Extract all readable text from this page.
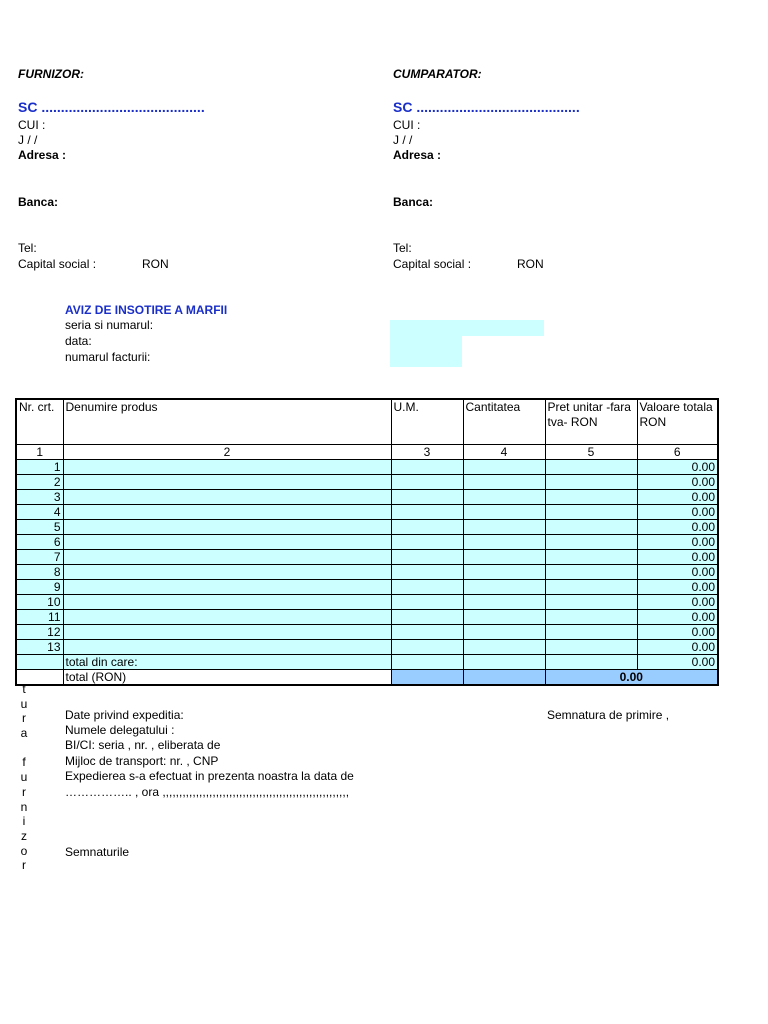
FURNIZOR:
SC ..........................................
CUI :
J / /
Adresa :
Banca:
Tel:
Capital social :	RON
CUMPARATOR:
SC ..........................................
CUI :
J / /
Adresa :
Banca:
Tel:
Capital social :	RON
AVIZ DE INSOTIRE A MARFII
seria si numarul:
data:
numarul facturii:
Nr. crt.	Denumire produs	U.M.	Cantitatea	Pret unitar -fara tva- RON	Valoare totala RON
1	2	3	4	5	6
1					0.00
2					0.00
3					0.00
4					0.00
5					0.00
6					0.00
7					0.00
8					0.00
9					0.00
10					0.00
11					0.00
12					0.00
13					0.00
	total din care:				0.00
	total (RON)			0.00	
t
u
r
a
f
u
r
n
i
z
o
r
Date privind expeditia:
Numele delegatului :
BI/CI: seria , nr. , eliberata de
Mijloc de transport: nr. , CNP
Expedierea s-a efectuat in prezenta noastra la data de
…………….. , ora ,,,,,,,,,,,,,,,,,,,,,,,,,,,,,,,,,,,,,,,,,,,,,,,,,,,,,,,,
Semnaturile
Semnatura de primire ,
